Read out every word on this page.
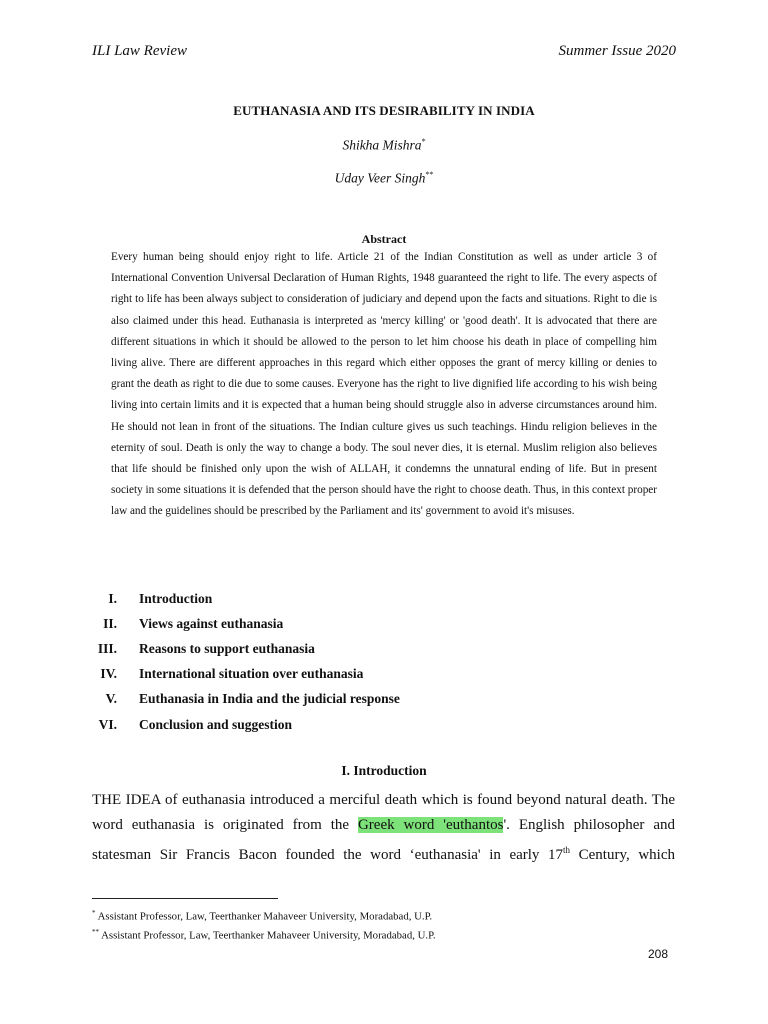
ILI Law Review	Summer Issue 2020
EUTHANASIA AND ITS DESIRABILITY IN INDIA
Shikha Mishra*
Uday Veer Singh**
Abstract

Every human being should enjoy right to life. Article 21 of the Indian Constitution as well as under article 3 of International Convention Universal Declaration of Human Rights, 1948 guaranteed the right to life. The every aspects of right to life has been always subject to consideration of judiciary and depend upon the facts and situations. Right to die is also claimed under this head. Euthanasia is interpreted as 'mercy killing' or 'good death'. It is advocated that there are different situations in which it should be allowed to the person to let him choose his death in place of compelling him living alive. There are different approaches in this regard which either opposes the grant of mercy killing or denies to grant the death as right to die due to some causes. Everyone has the right to live dignified life according to his wish being living into certain limits and it is expected that a human being should struggle also in adverse circumstances around him. He should not lean in front of the situations. The Indian culture gives us such teachings. Hindu religion believes in the eternity of soul. Death is only the way to change a body. The soul never dies, it is eternal. Muslim religion also believes that life should be finished only upon the wish of ALLAH, it condemns the unnatural ending of life. But in present society in some situations it is defended that the person should have the right to choose death. Thus, in this context proper law and the guidelines should be prescribed by the Parliament and its' government to avoid it's misuses.

I. Introduction
II. Views against euthanasia
III. Reasons to support euthanasia
IV. International situation over euthanasia
V. Euthanasia in India and the judicial response
VI. Conclusion and suggestion
I. Introduction

THE IDEA of euthanasia introduced a merciful death which is found beyond natural death. The word euthanasia is originated from the Greek word 'euthantos'. English philosopher and statesman Sir Francis Bacon founded the word ‘euthanasia' in early 17th Century, which

* Assistant Professor, Law, Teerthanker Mahaveer University, Moradabad, U.P.
** Assistant Professor, Law, Teerthanker Mahaveer University, Moradabad, U.P.
208
